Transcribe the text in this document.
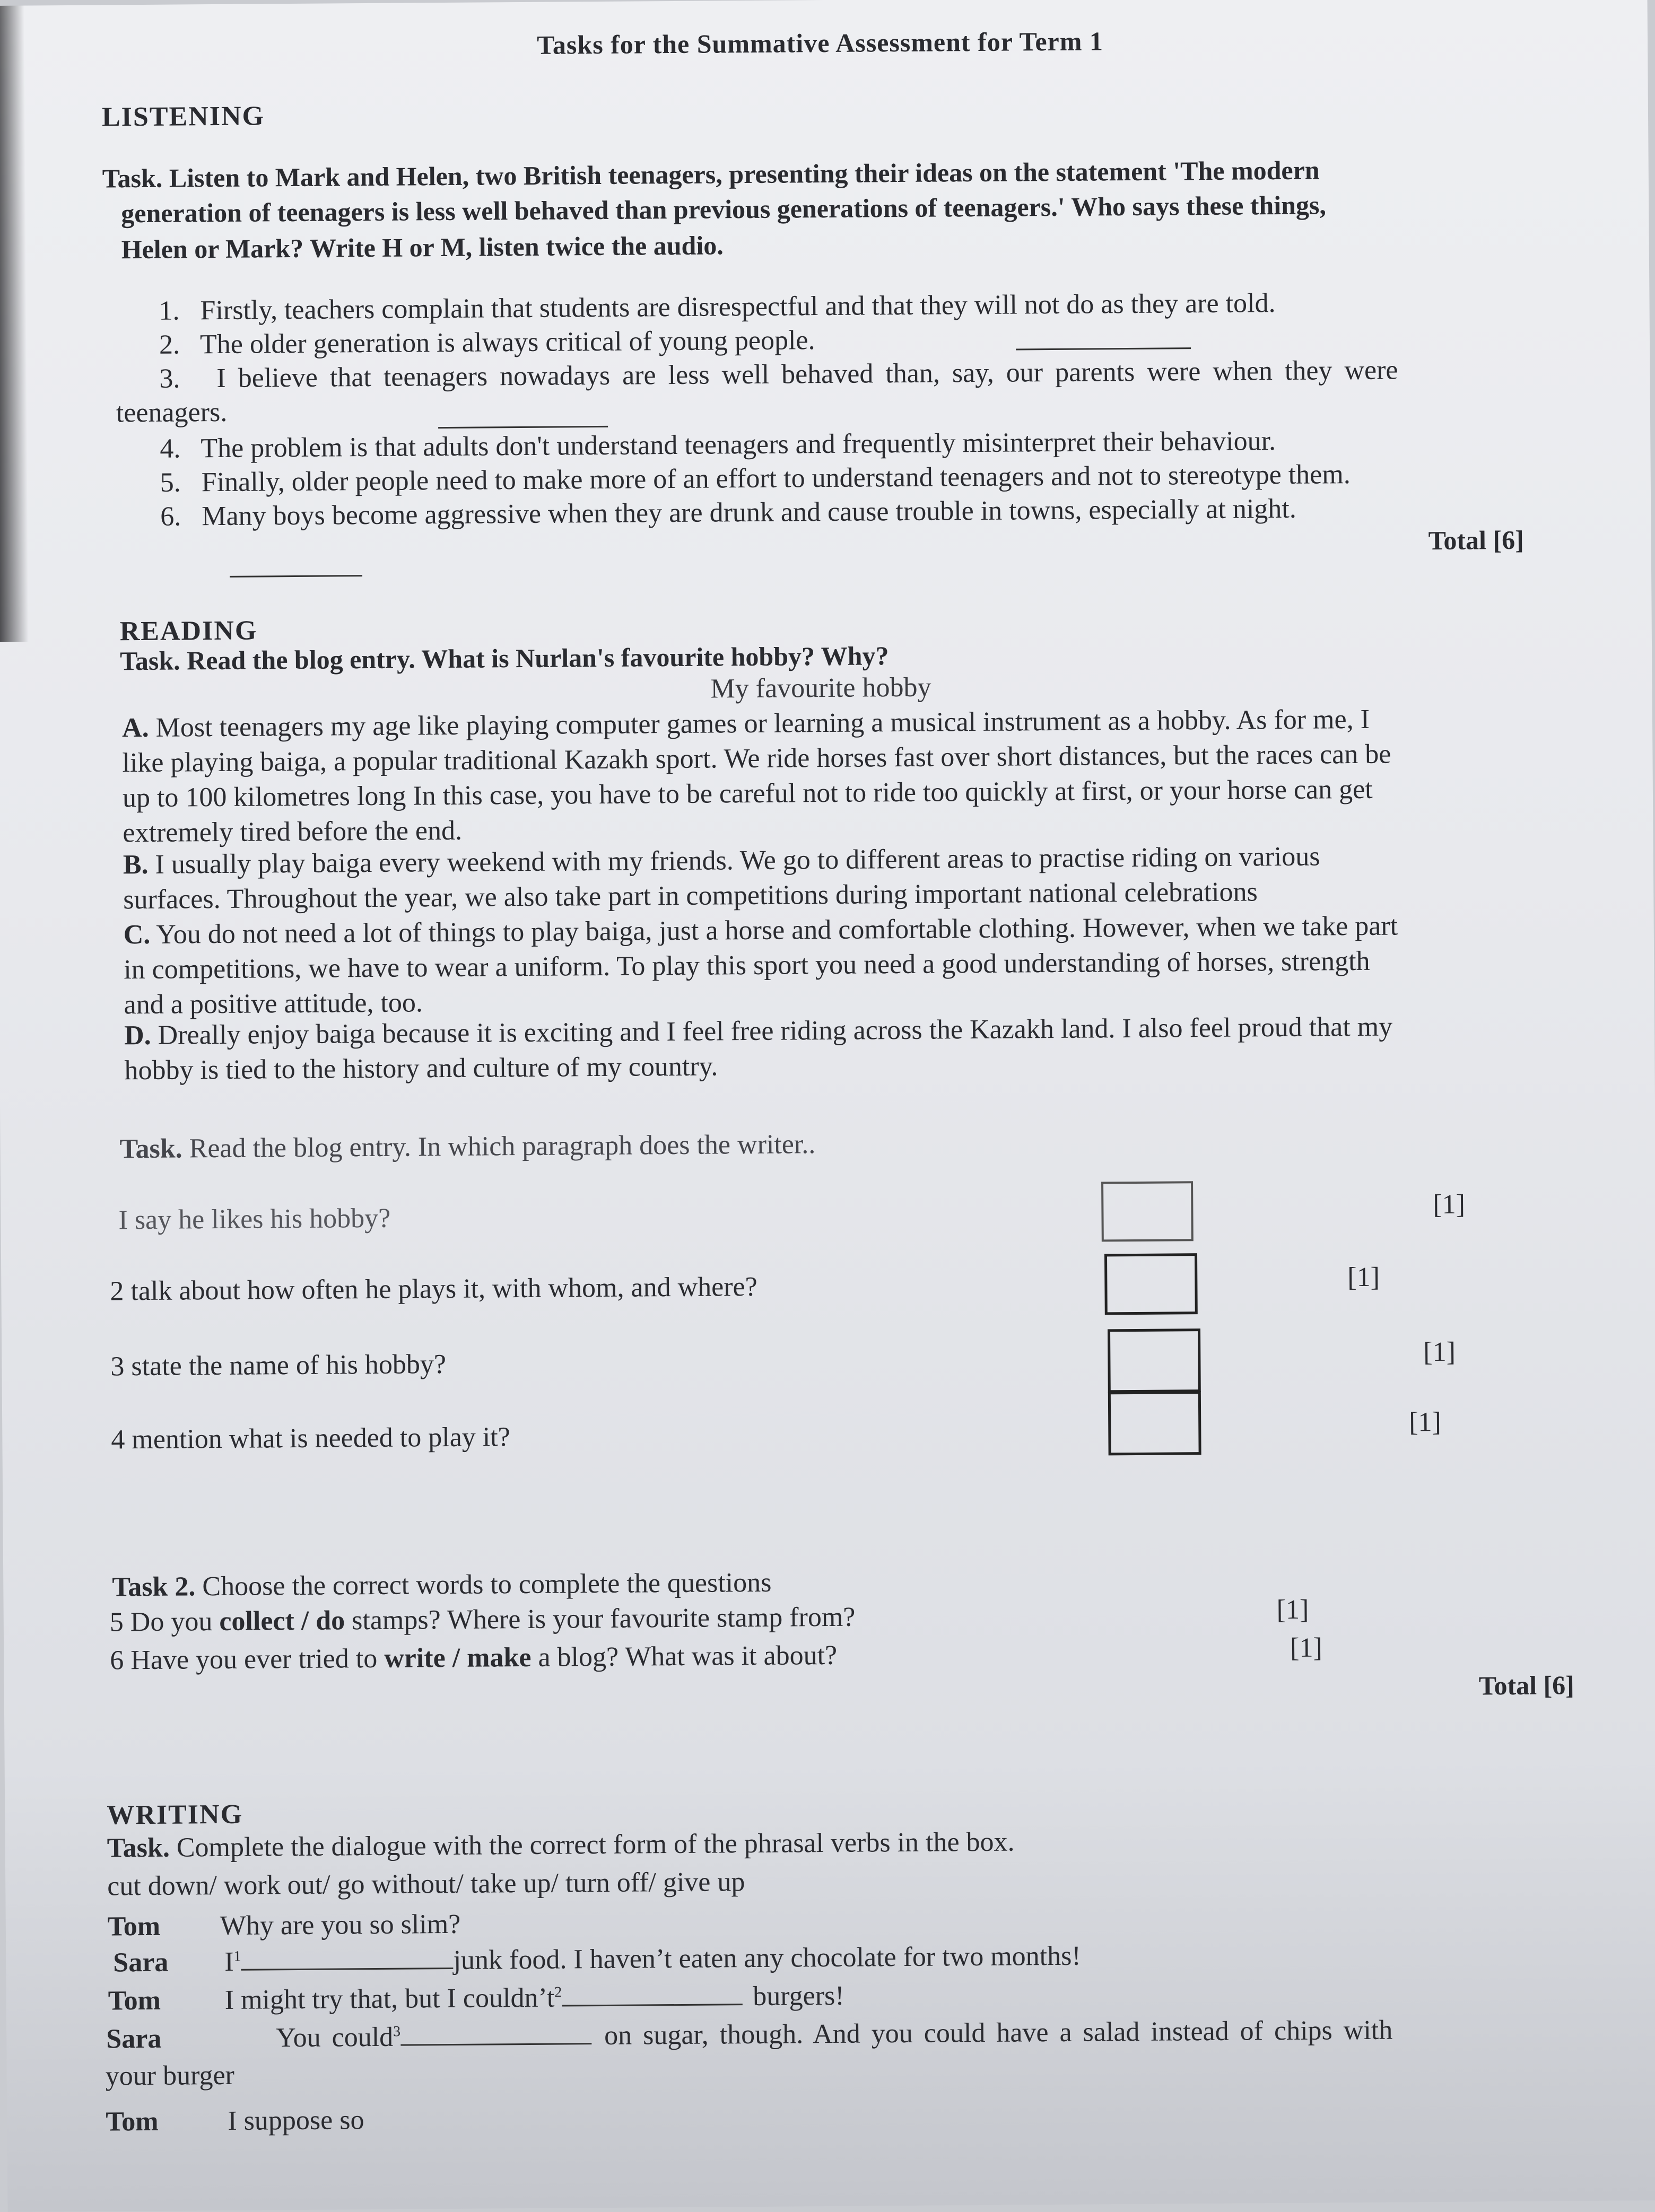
Tasks for the Summative Assessment for Term 1
LISTENING
Task. Listen to Mark and Helen, two British teenagers, presenting their ideas on the statement 'The modern
generation of teenagers is less well behaved than previous generations of teenagers.' Who says these things,
Helen or Mark? Write H or M, listen twice the audio.
1. Firstly, teachers complain that students are disrespectful and that they will not do as they are told.
2. The older generation is always critical of young people.
3. I believe that teenagers nowadays are less well behaved than, say, our parents were when they were
teenagers.
4. The problem is that adults don't understand teenagers and frequently misinterpret their behaviour.
5. Finally, older people need to make more of an effort to understand teenagers and not to stereotype them.
6. Many boys become aggressive when they are drunk and cause trouble in towns, especially at night.
Total [6]
READING
Task. Read the blog entry. What is Nurlan's favourite hobby? Why?
My favourite hobby
A. Most teenagers my age like playing computer games or learning a musical instrument as a hobby. As for me, I
like playing baiga, a popular traditional Kazakh sport. We ride horses fast over short distances, but the races can be
up to 100 kilometres long In this case, you have to be careful not to ride too quickly at first, or your horse can get
extremely tired before the end.
B. I usually play baiga every weekend with my friends. We go to different areas to practise riding on various
surfaces. Throughout the year, we also take part in competitions during important national celebrations
C. You do not need a lot of things to play baiga, just a horse and comfortable clothing. However, when we take part
in competitions, we have to wear a uniform. To play this sport you need a good understanding of horses, strength
and a positive attitude, too.
D. Dreally enjoy baiga because it is exciting and I feel free riding across the Kazakh land. I also feel proud that my
hobby is tied to the history and culture of my country.
Task. Read the blog entry. In which paragraph does the writer..
I say he likes his hobby?	[1]
2 talk about how often he plays it, with whom, and where?	[1]
3 state the name of his hobby?	[1]
4 mention what is needed to play it?	[1]
Task 2. Choose the correct words to complete the questions
5 Do you collect / do stamps? Where is your favourite stamp from?	[1]
6 Have you ever tried to write / make a blog? What was it about?	[1]
Total [6]
WRITING
Task. Complete the dialogue with the correct form of the phrasal verbs in the box.
cut down/ work out/ go without/ take up/ turn off/ give up
Tom Why are you so slim?
Sara $I^1$	junk food. I haven’t eaten any chocolate for two months!
Tom I might try that, but I $couldn’t^2$	burgers!
Sara	You could$^3$	on sugar, though. And you could have a salad instead of chips with
your burger
Tom	I suppose so
